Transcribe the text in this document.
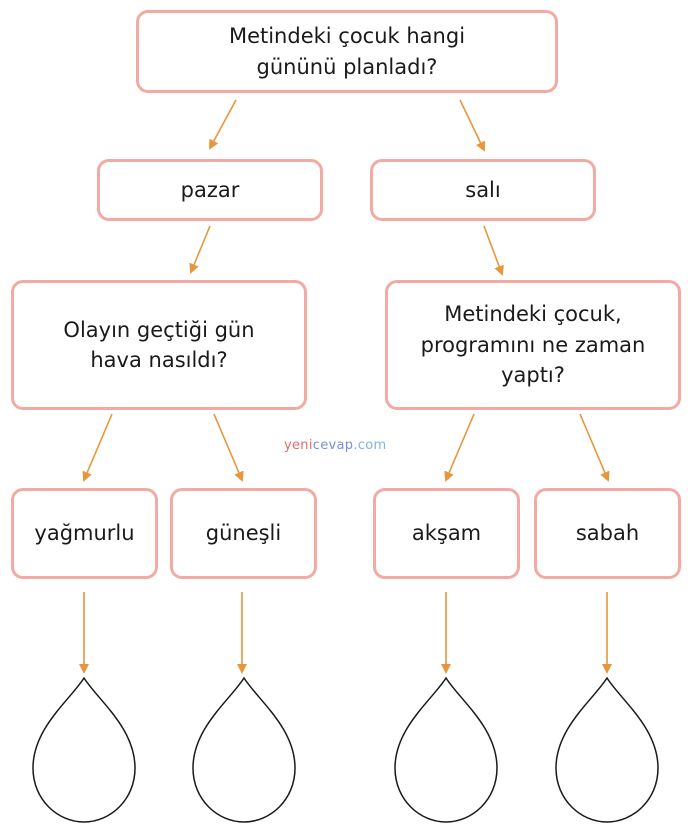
Metindeki çocuk hangi
gününü planladı?
pazar	salı
Olayın geçtiği gün
hava nasıldı?
Metindeki çocuk,
programını ne zaman
yaptı?
yenicevap.com
yağmurlu	güneşli	akşam	sabah
